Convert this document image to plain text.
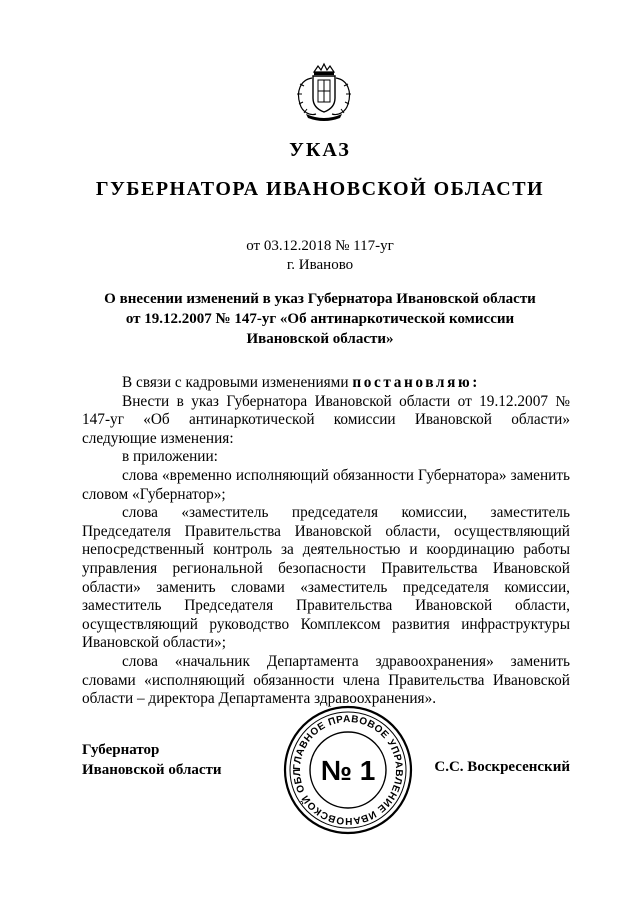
УКАЗ
ГУБЕРНАТОРА ИВАНОВСКОЙ ОБЛАСТИ
от 03.12.2018 № 117-уг
г. Иваново
О внесении изменений в указ Губернатора Ивановской области
от 19.12.2007 № 147-уг «Об антинаркотической комиссии
Ивановской области»

В связи с кадровыми изменениями постановляю:

Внести в указ Губернатора Ивановской области от 19.12.2007 № 147-уг «Об антинаркотической комиссии Ивановской области» следующие изменения:

в приложении:

слова «временно исполняющий обязанности Губернатора» заменить словом «Губернатор»;

слова «заместитель председателя комиссии, заместитель Председателя Правительства Ивановской области, осуществляющий непосредственный контроль за деятельностью и координацию работы управления региональной безопасности Правительства Ивановской области» заменить словами «заместитель председателя комиссии, заместитель Председателя Правительства Ивановской области, осуществляющий руководство Комплексом развития инфраструктуры Ивановской области»;

слова «начальник Департамента здравоохранения» заменить словами «исполняющий обязанности члена Правительства Ивановской области – директора Департамента здравоохранения».

Губернатор
Ивановской области	ГЛАВНОЕ ПРАВОВОЕ УПРАВЛЕНИЕ ИВАНОВСКОЙ ОБЛ № 1	С.С. Воскресенский
